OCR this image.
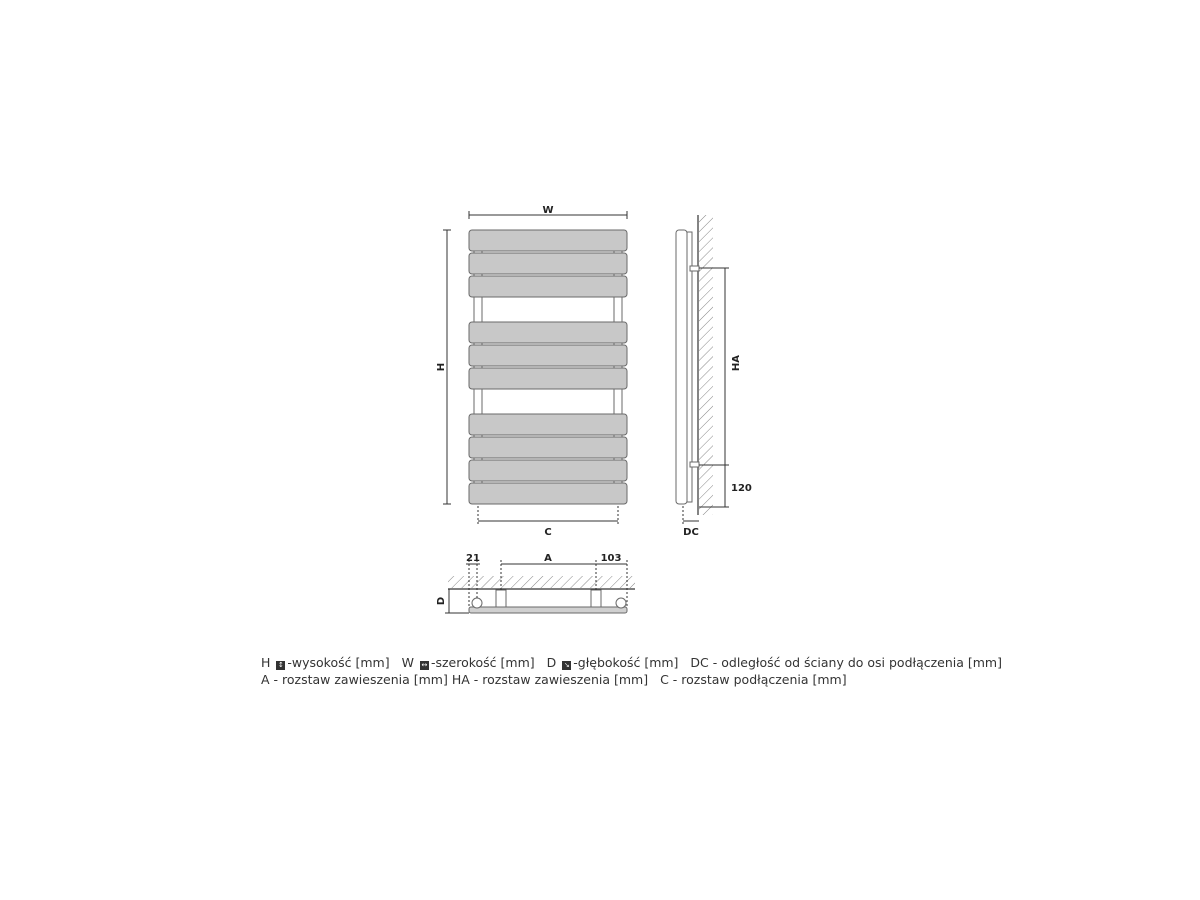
W
H
C
HA
120
DC
D
21	A	103
H ↕ -wysokość [mm] W ↔ -szerokość [mm] D ↘ -głębokość [mm] DC - odległość od ściany do osi podłączenia [mm]
A - rozstaw zawieszenia [mm] HA - rozstaw zawieszenia [mm] C - rozstaw podłączenia [mm]
